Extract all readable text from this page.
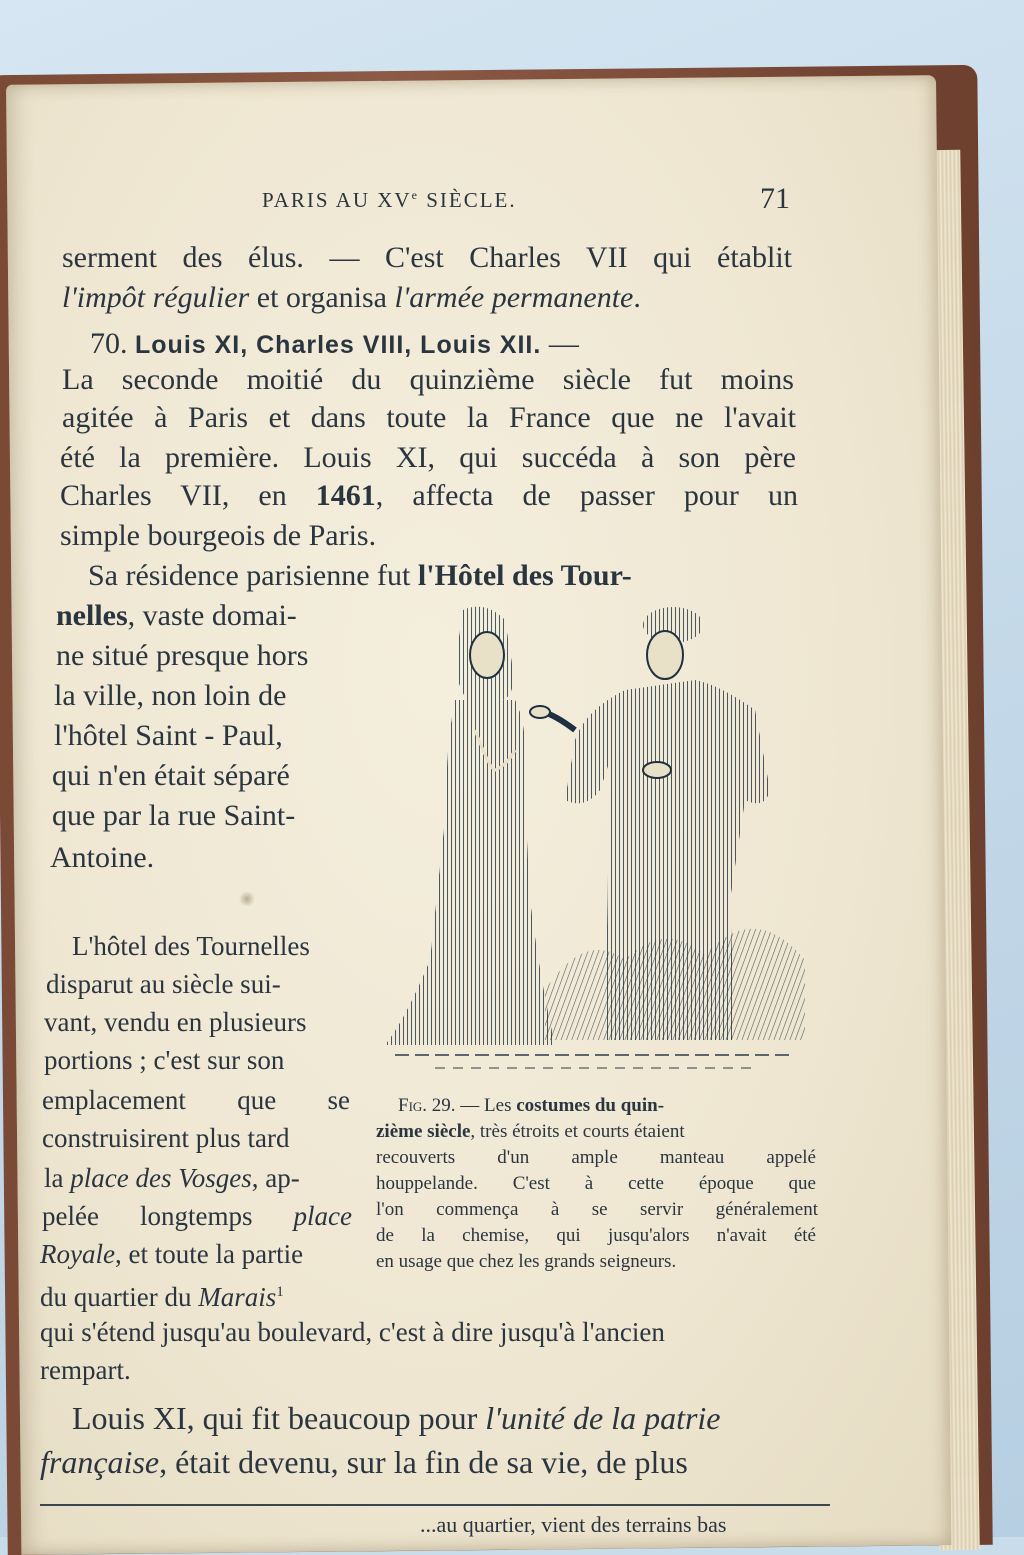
PARIS AU XVe SIÈCLE.	71
serment des élus. — C'est Charles VII qui établit
l'impôt régulier et organisa l'armée permanente.
70. Louis XI, Charles VIII, Louis XII. —
La seconde moitié du quinzième siècle fut moins
agitée à Paris et dans toute la France que ne l'avait
été la première. Louis XI, qui succéda à son père
Charles VII, en 1461, affecta de passer pour un
simple bourgeois de Paris.
Sa résidence parisienne fut l'Hôtel des Tour-
nelles, vaste domai-
ne situé presque hors
la ville, non loin de
l'hôtel Saint - Paul,
qui n'en était séparé
que par la rue Saint-
Antoine.
L'hôtel des Tournelles
disparut au siècle sui-
vant, vendu en plusieurs
portions ; c'est sur son
emplacement que se
construisirent plus tard
la place des Vosges, ap-
pelée longtemps place
Royale, et toute la partie
du quartier du Marais$^1$
qui s'étend jusqu'au boulevard, c'est à dire jusqu'à l'ancien
rempart.
Louis XI, qui fit beaucoup pour l'unité de la patrie
française, était devenu, sur la fin de sa vie, de plus
Fig. 29. — Les costumes du quin-
zième siècle, très étroits et courts étaient
recouverts d'un ample manteau appelé
houppelande. C'est à cette époque que
l'on commença à se servir généralement
de la chemise, qui jusqu'alors n'avait été
en usage que chez les grands seigneurs.
...au quartier, vient des terrains bas
